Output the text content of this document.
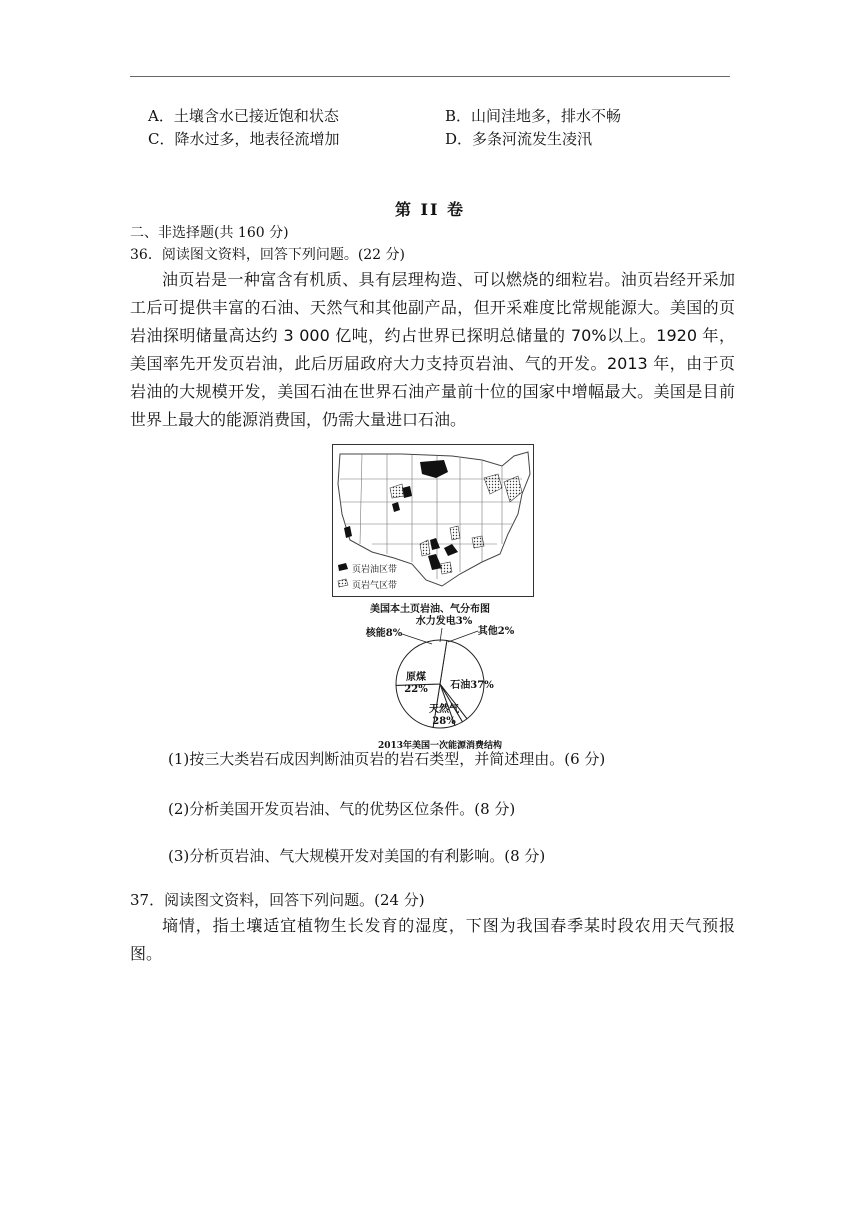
A．土壤含水已接近饱和状态	B．山间洼地多，排水不畅
C．降水过多，地表径流增加	D．多条河流发生凌汛
第 II 卷
二、非选择题(共 160 分)
36．阅读图文资料，回答下列问题。(22 分)
油页岩是一种富含有机质、具有层理构造、可以燃烧的细粒岩。油页岩经开采加工后可提供丰富的石油、天然气和其他副产品，但开采难度比常规能源大。美国的页岩油探明储量高达约 3 000 亿吨，约占世界已探明总储量的 70%以上。1920 年，美国率先开发页岩油，此后历届政府大力支持页岩油、气的开发。2013 年，由于页岩油的大规模开发，美国石油在世界石油产量前十位的国家中增幅最大。美国是目前世界上最大的能源消费国，仍需大量进口石油。
页岩油区带
页岩气区带
美国本土页岩油、气分布图
石油37%
原煤
22%
天然气
28%
水力发电3%
其他2%
核能8%
2013年美国一次能源消费结构
(1)按三大类岩石成因判断油页岩的岩石类型，并简述理由。(6 分)
(2)分析美国开发页岩油、气的优势区位条件。(8 分)
(3)分析页岩油、气大规模开发对美国的有利影响。(8 分)
37．阅读图文资料，回答下列问题。(24 分)
墒情，指土壤适宜植物生长发育的湿度，下图为我国春季某时段农用天气预报图。
